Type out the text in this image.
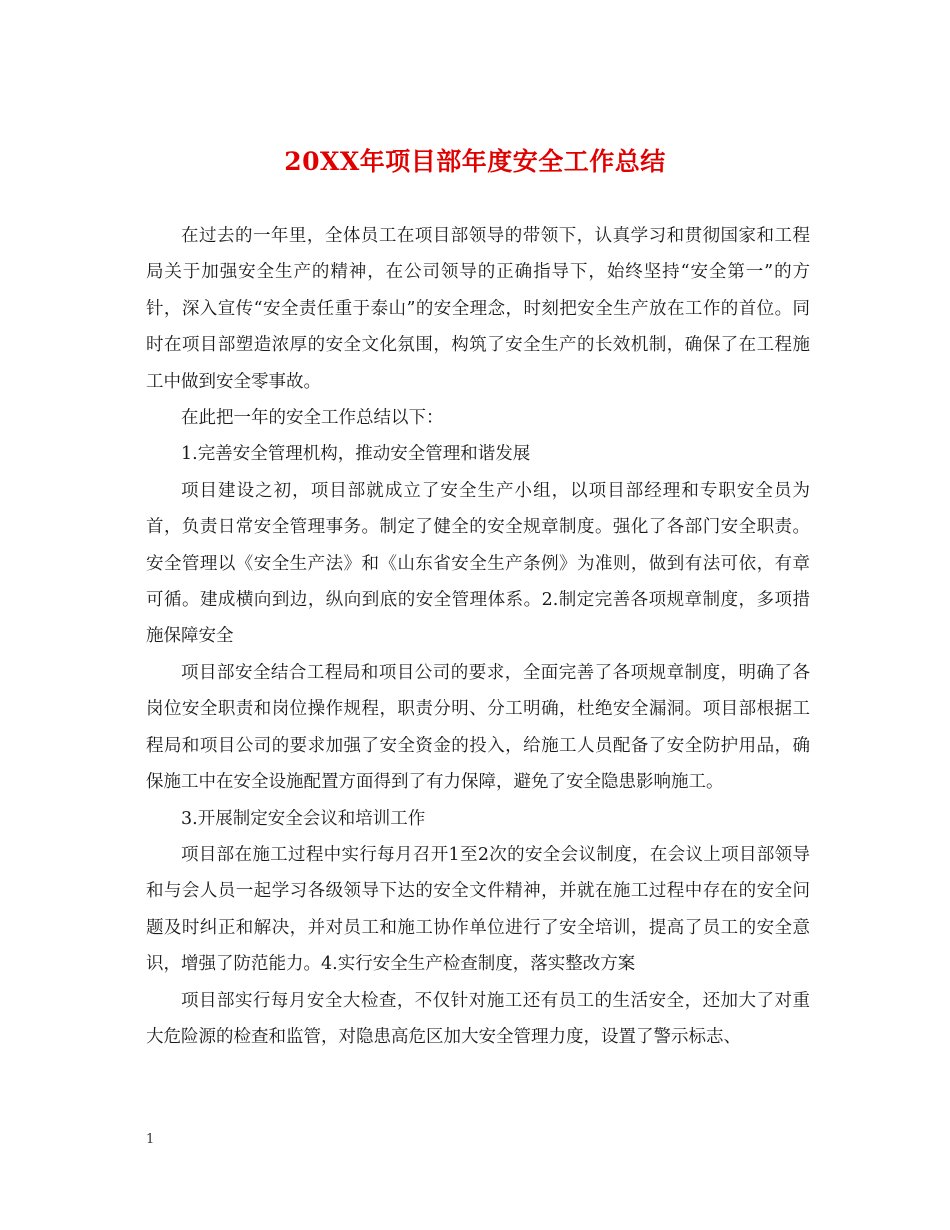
20XX年项目部年度安全工作总结

在过去的一年里，全体员工在项目部领导的带领下，认真学习和贯彻国家和工程局关于加强安全生产的精神，在公司领导的正确指导下，始终坚持“安全第一”的方针，深入宣传“安全责任重于泰山”的安全理念，时刻把安全生产放在工作的首位。同时在项目部塑造浓厚的安全文化氛围，构筑了安全生产的长效机制，确保了在工程施工中做到安全零事故。

在此把一年的安全工作总结以下：

1.完善安全管理机构，推动安全管理和谐发展

项目建设之初，项目部就成立了安全生产小组，以项目部经理和专职安全员为首，负责日常安全管理事务。制定了健全的安全规章制度。强化了各部门安全职责。安全管理以《安全生产法》和《山东省安全生产条例》为准则，做到有法可依，有章可循。建成横向到边，纵向到底的安全管理体系。2.制定完善各项规章制度，多项措施保障安全

项目部安全结合工程局和项目公司的要求，全面完善了各项规章制度，明确了各岗位安全职责和岗位操作规程，职责分明、分工明确，杜绝安全漏洞。项目部根据工程局和项目公司的要求加强了安全资金的投入，给施工人员配备了安全防护用品，确保施工中在安全设施配置方面得到了有力保障，避免了安全隐患影响施工。

3.开展制定安全会议和培训工作

项目部在施工过程中实行每月召开1至2次的安全会议制度，在会议上项目部领导和与会人员一起学习各级领导下达的安全文件精神，并就在施工过程中存在的安全问题及时纠正和解决，并对员工和施工协作单位进行了安全培训，提高了员工的安全意识，增强了防范能力。4.实行安全生产检查制度，落实整改方案

项目部实行每月安全大检查，不仅针对施工还有员工的生活安全，还加大了对重大危险源的检查和监管，对隐患高危区加大安全管理力度，设置了警示标志、

1
